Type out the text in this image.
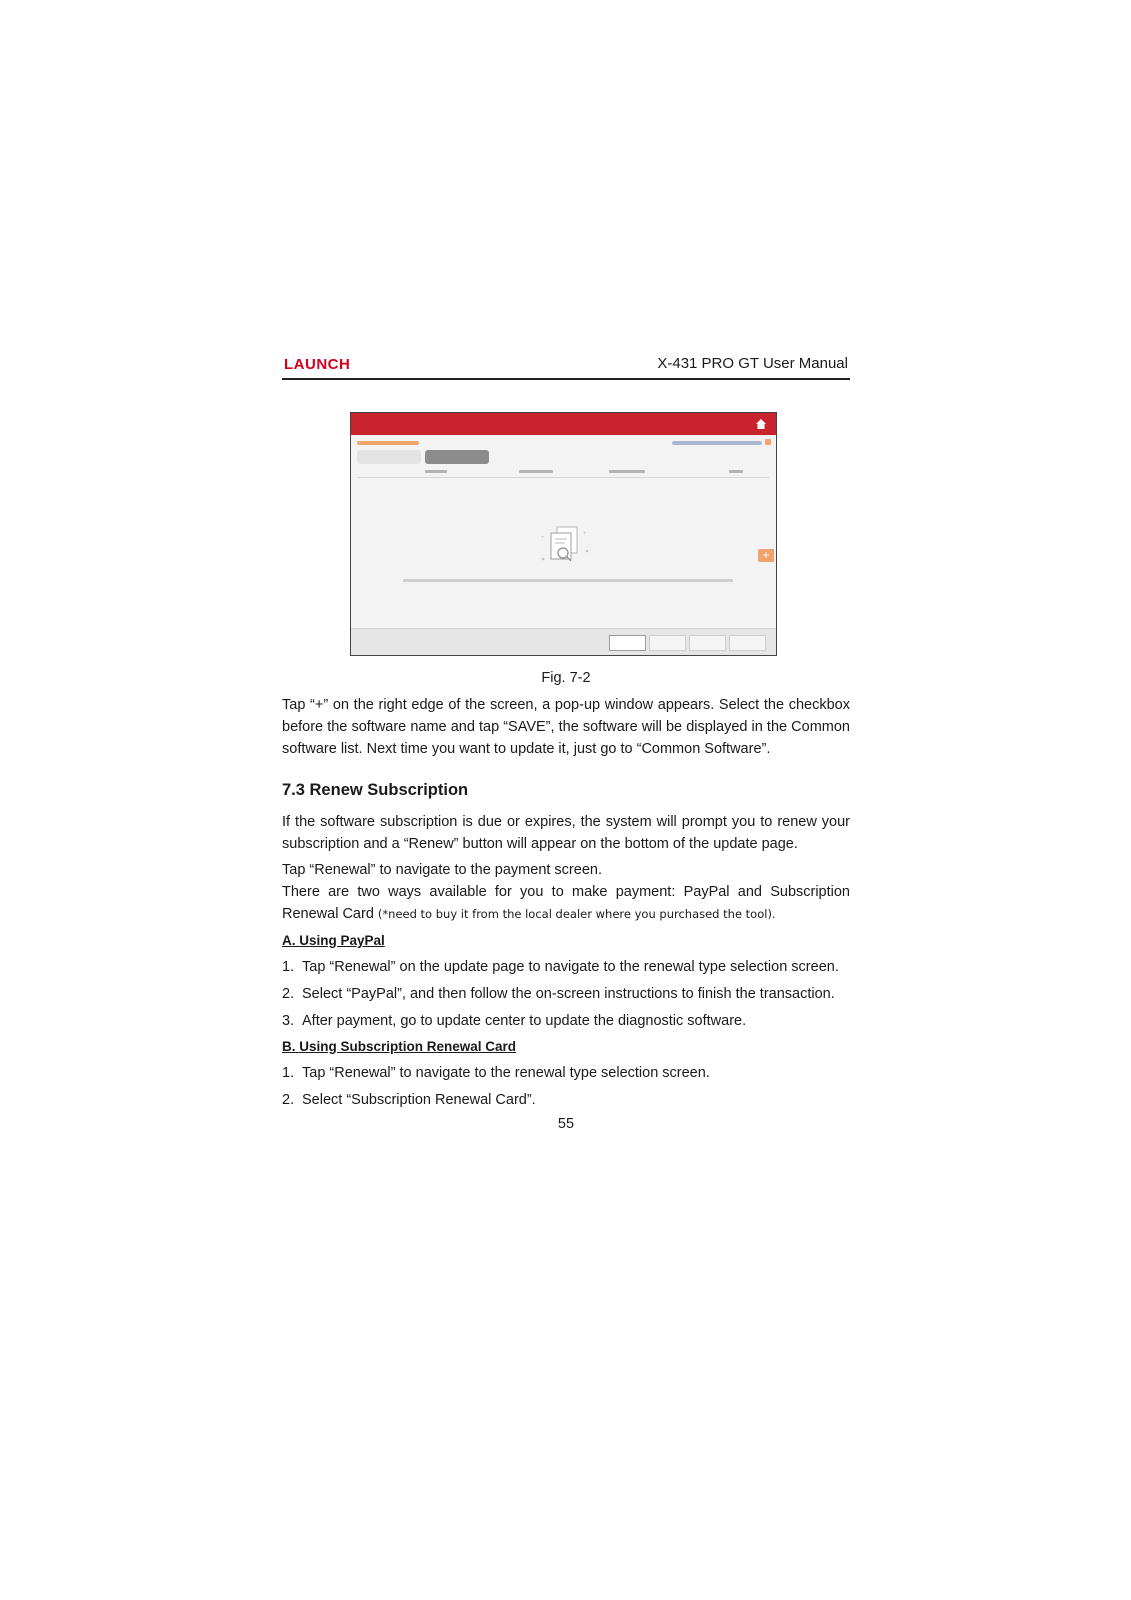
LAUNCH	X-431 PRO GT User Manual
+
+
+
Fig. 7-2

Tap “+” on the right edge of the screen, a pop-up window appears. Select the checkbox before the software name and tap “SAVE”, the software will be displayed in the Common software list. Next time you want to update it, just go to “Common Software”.

7.3 Renew Subscription

If the software subscription is due or expires, the system will prompt you to renew your subscription and a “Renew” button will appear on the bottom of the update page.

Tap “Renewal” to navigate to the payment screen.

There are two ways available for you to make payment: PayPal and Subscription Renewal Card (*need to buy it from the local dealer where you purchased the tool).

A. Using PayPal
1. Tap “Renewal” on the update page to navigate to the renewal type selection screen.
2. Select “PayPal”, and then follow the on-screen instructions to finish the transaction.
3. After payment, go to update center to update the diagnostic software.
B. Using Subscription Renewal Card
1. Tap “Renewal” to navigate to the renewal type selection screen.
2. Select “Subscription Renewal Card”.
55
